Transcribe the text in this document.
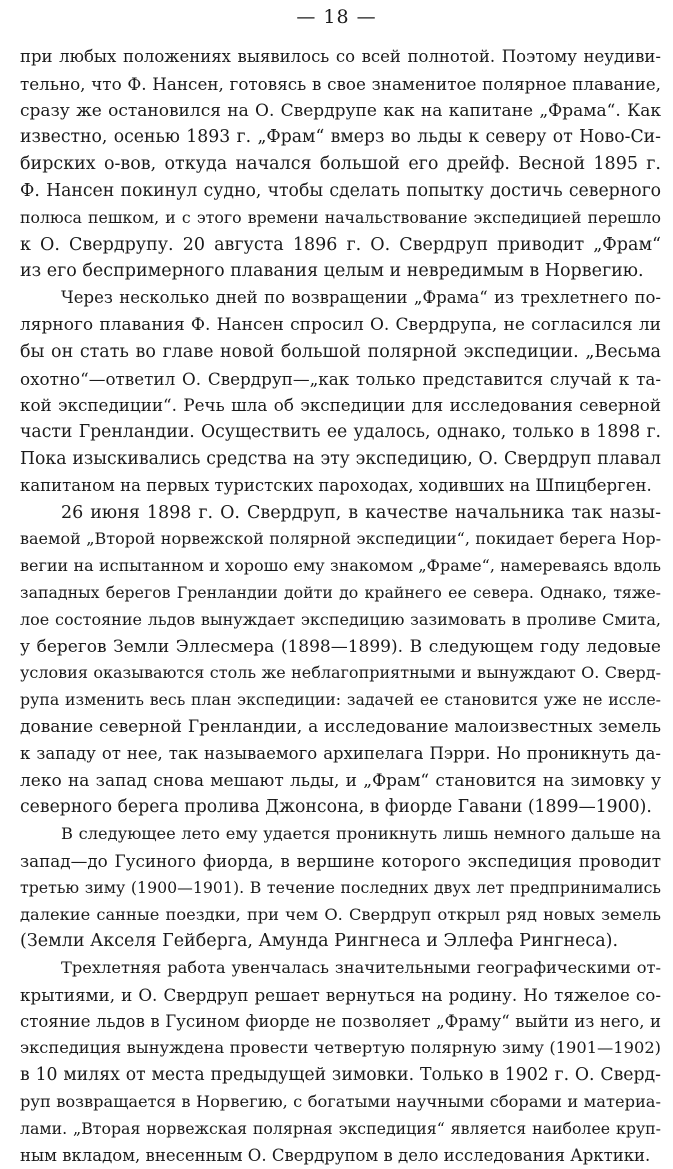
— 18 —
при любых положениях выявилось со всей полнотой. Поэтому неудиви-
тельно, что Ф. Нансен, готовясь в свое знаменитое полярное плавание,
сразу же остановился на О. Свердрупе как на капитане „Фрама“. Как
известно, осенью 1893 г. „Фрам“ вмерз во льды к северу от Ново-Си-
бирских о-вов, откуда начался большой его дрейф. Весной 1895 г.
Ф. Нансен покинул судно, чтобы сделать попытку достичь северного
полюса пешком, и с этого времени начальствование экспедицией перешло
к О. Свердрупу. 20 августа 1896 г. О. Свердруп приводит „Фрам“
из его беспримерного плавания целым и невредимым в Норвегию.
Через несколько дней по возвращении „Фрама“ из трехлетнего по-
лярного плавания Ф. Нансен спросил О. Свердрупа, не согласился ли
бы он стать во главе новой большой полярной экспедиции. „Весьма
охотно“—ответил О. Свердруп—„как только представится случай к та-
кой экспедиции“. Речь шла об экспедиции для исследования северной
части Гренландии. Осуществить ее удалось, однако, только в 1898 г.
Пока изыскивались средства на эту экспедицию, О. Свердруп плавал
капитаном на первых туристских пароходах, ходивших на Шпицберген.
26 июня 1898 г. О. Свердруп, в качестве начальника так назы-
ваемой „Второй норвежской полярной экспедиции“, покидает берега Нор-
вегии на испытанном и хорошо ему знакомом „Фраме“, намереваясь вдоль
западных берегов Гренландии дойти до крайнего ее севера. Однако, тяже-
лое состояние льдов вынуждает экспедицию зазимовать в проливе Смита,
у берегов Земли Эллесмера (1898—1899). В следующем году ледовые
условия оказываются столь же неблагоприятными и вынуждают О. Сверд-
рупа изменить весь план экспедиции: задачей ее становится уже не иссле-
дование северной Гренландии, а исследование малоизвестных земель
к западу от нее, так называемого архипелага Пэрри. Но проникнуть да-
леко на запад снова мешают льды, и „Фрам“ становится на зимовку у
северного берега пролива Джонсона, в фиорде Гавани (1899—1900).
В следующее лето ему удается проникнуть лишь немного дальше на
запад—до Гусиного фиорда, в вершине которого экспедиция проводит
третью зиму (1900—1901). В течение последних двух лет предпринимались
далекие санные поездки, при чем О. Свердруп открыл ряд новых земель
(Земли Акселя Гейберга, Амунда Рингнеса и Эллефа Рингнеса).
Трехлетняя работа увенчалась значительными географическими от-
крытиями, и О. Свердруп решает вернуться на родину. Но тяжелое со-
стояние льдов в Гусином фиорде не позволяет „Фраму“ выйти из него, и
экспедиция вынуждена провести четвертую полярную зиму (1901—1902)
в 10 милях от места предыдущей зимовки. Только в 1902 г. О. Сверд-
руп возвращается в Норвегию, с богатыми научными сборами и материа-
лами. „Вторая норвежская полярная экспедиция“ является наиболее круп-
ным вкладом, внесенным О. Свердрупом в дело исследования Арктики.
